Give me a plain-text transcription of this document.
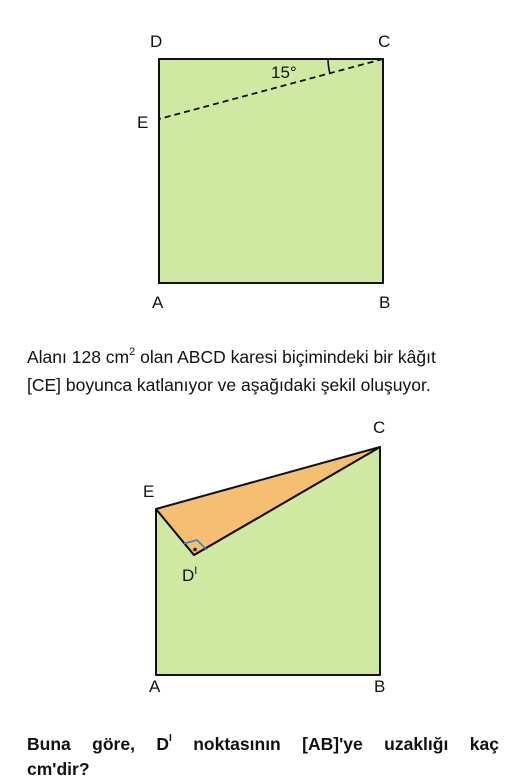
15°
D	C
E
A	B
Alanı 128 $cm^2$ olan ABCD karesi biçimindeki bir kâğıt
[CE] boyunca katlanıyor ve aşağıdaki şekil oluşuyor.
C
E
$D^I$
A	B
Buna göre, $D^I$ noktasının [AB]'ye uzaklığı kaç
cm'dir?
